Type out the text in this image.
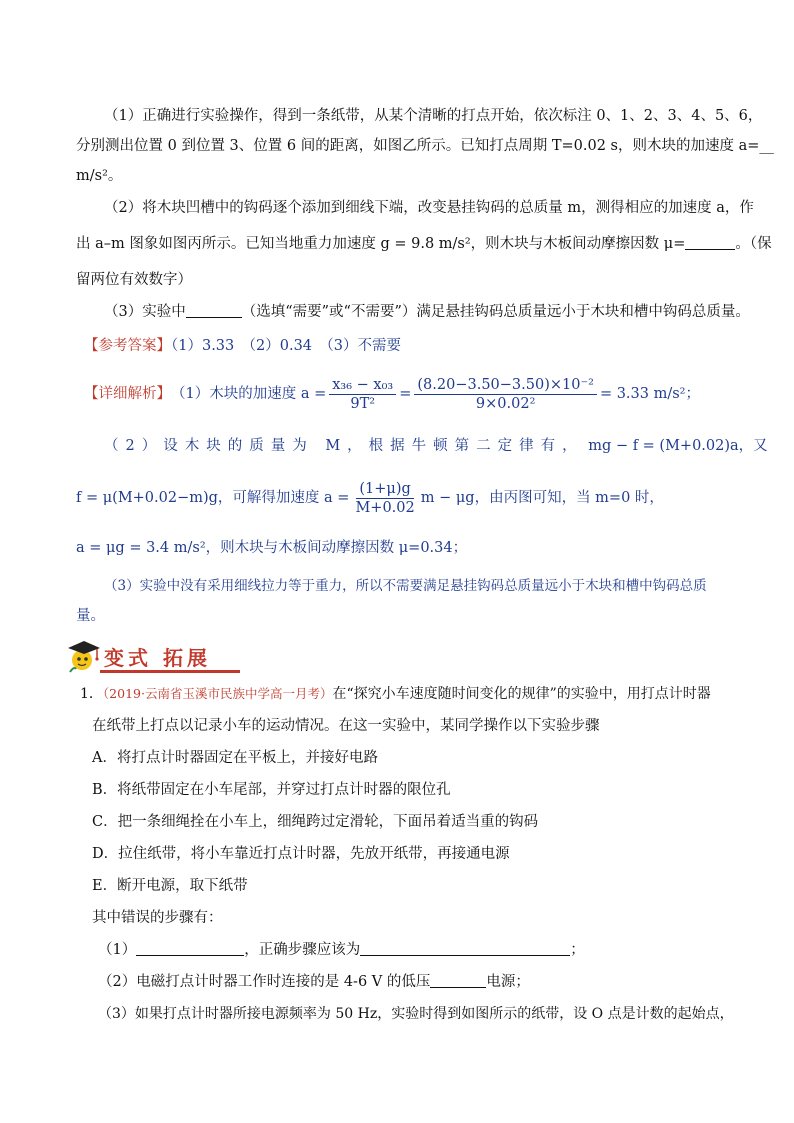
（1）正确进行实验操作，得到一条纸带，从某个清晰的打点开始，依次标注 0、1、2、3、4、5、6，
分别测出位置 0 到位置 3、位置 6 间的距离，如图乙所示。已知打点周期 T=0.02 s，则木块的加速度 a=__
m/s²。
（2）将木块凹槽中的钩码逐个添加到细线下端，改变悬挂钩码的总质量 m，测得相应的加速度 a，作
出 a–m 图象如图丙所示。已知当地重力加速度 g = 9.8 m/s²，则木块与木板间动摩擦因数 μ=	。（保
留两位有效数字）
（3）实验中	（选填“需要”或“不需要”）满足悬挂钩码总质量远小于木块和槽中钩码总质量。
【参考答案】（1）3.33　（2）0.34　（3）不需要
【详细解析】 （1）木块的加速度 $a = \frac{\text{x₃₆ − x₀₃}}{\text{9T²}} = \frac{\text{(8.20−3.50−3.50)×10⁻²}}{\text{9×0.02²}} = 3.33$ m/s²；
（2）设木块的质量为 M，根据牛顿第二定律有， mg − f = (M+0.02)a，又
f = μ(M+0.02−m)g，可解得加速度 $a = \frac{(1+\mu)g}{M+0.02}$ m − μg，由丙图可知，当 m=0 时，
a = μg = 3.4 m/s²，则木块与木板间动摩擦因数 μ=0.34；
（3）实验中没有采用细线拉力等于重力，所以不需要满足悬挂钩码总质量远小于木块和槽中钩码总质
量。
变式 拓展
1．（2019·云南省玉溪市民族中学高一月考）在“探究小车速度随时间变化的规律”的实验中，用打点计时器
在纸带上打点以记录小车的运动情况。在这一实验中，某同学操作以下实验步骤
A．将打点计时器固定在平板上，并接好电路
B．将纸带固定在小车尾部，并穿过打点计时器的限位孔
C．把一条细绳拴在小车上，细绳跨过定滑轮，下面吊着适当重的钩码
D．拉住纸带，将小车靠近打点计时器，先放开纸带，再接通电源
E．断开电源，取下纸带
其中错误的步骤有：
（1）	，正确步骤应该为	；
（2）电磁打点计时器工作时连接的是 4-6 V 的低压	电源；
（3）如果打点计时器所接电源频率为 50 Hz，实验时得到如图所示的纸带，设 O 点是计数的起始点，
